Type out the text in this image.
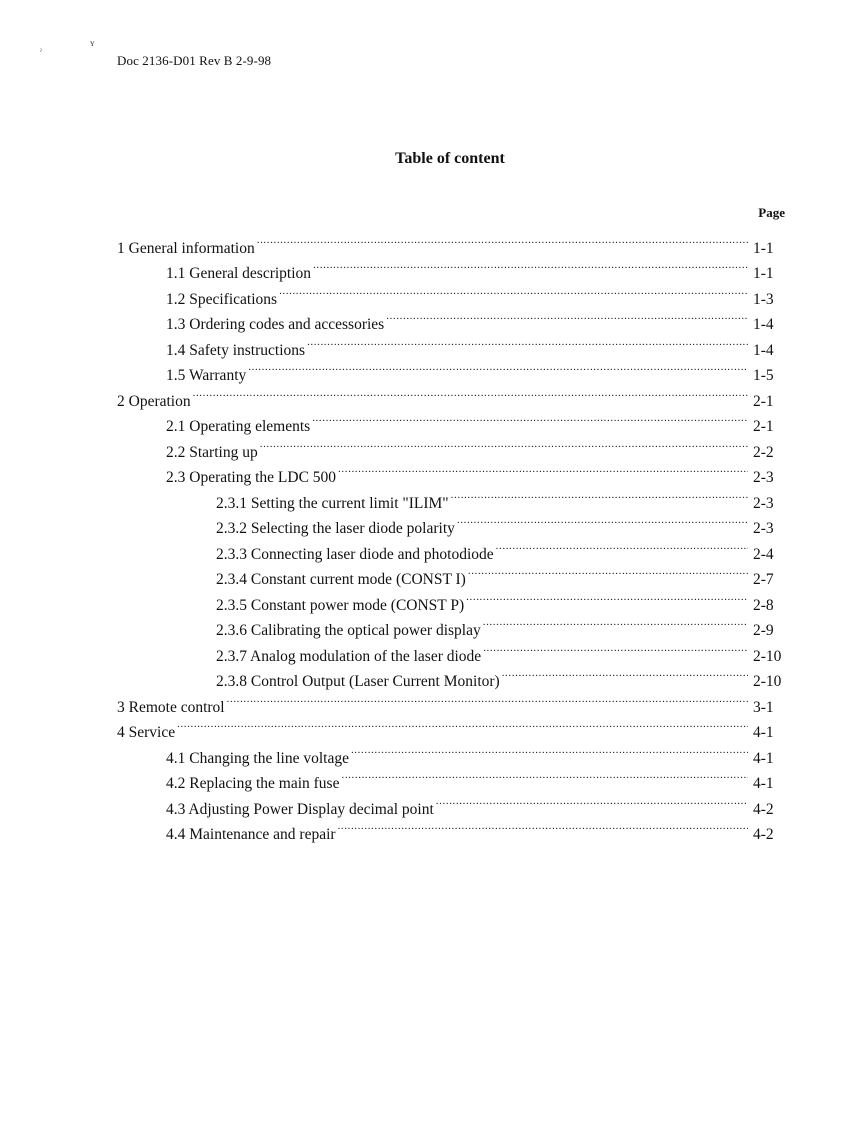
ʏ
ˀ
Doc 2136-D01 Rev B 2-9-98
Table of content
Page
1 General information .....	1-1
1.1 General description .....	1-1
1.2 Specifications .....	1-3
1.3 Ordering codes and accessories .....	1-4
1.4 Safety instructions .....	1-4
1.5 Warranty .....	1-5
2 Operation .....	2-1
2.1 Operating elements .....	2-1
2.2 Starting up .....	2-2
2.3 Operating the LDC 500 .....	2-3
2.3.1 Setting the current limit "ILIM" .....	2-3
2.3.2 Selecting the laser diode polarity .....	2-3
2.3.3 Connecting laser diode and photodiode .....	2-4
2.3.4 Constant current mode (CONST I) .....	2-7
2.3.5 Constant power mode (CONST P) .....	2-8
2.3.6 Calibrating the optical power display .....	2-9
2.3.7 Analog modulation of the laser diode .....	2-10
2.3.8 Control Output (Laser Current Monitor) .....	2-10
3 Remote control .....	3-1
4 Service .....	4-1
4.1 Changing the line voltage .....	4-1
4.2 Replacing the main fuse .....	4-1
4.3 Adjusting Power Display decimal point .....	4-2
4.4 Maintenance and repair .....	4-2
